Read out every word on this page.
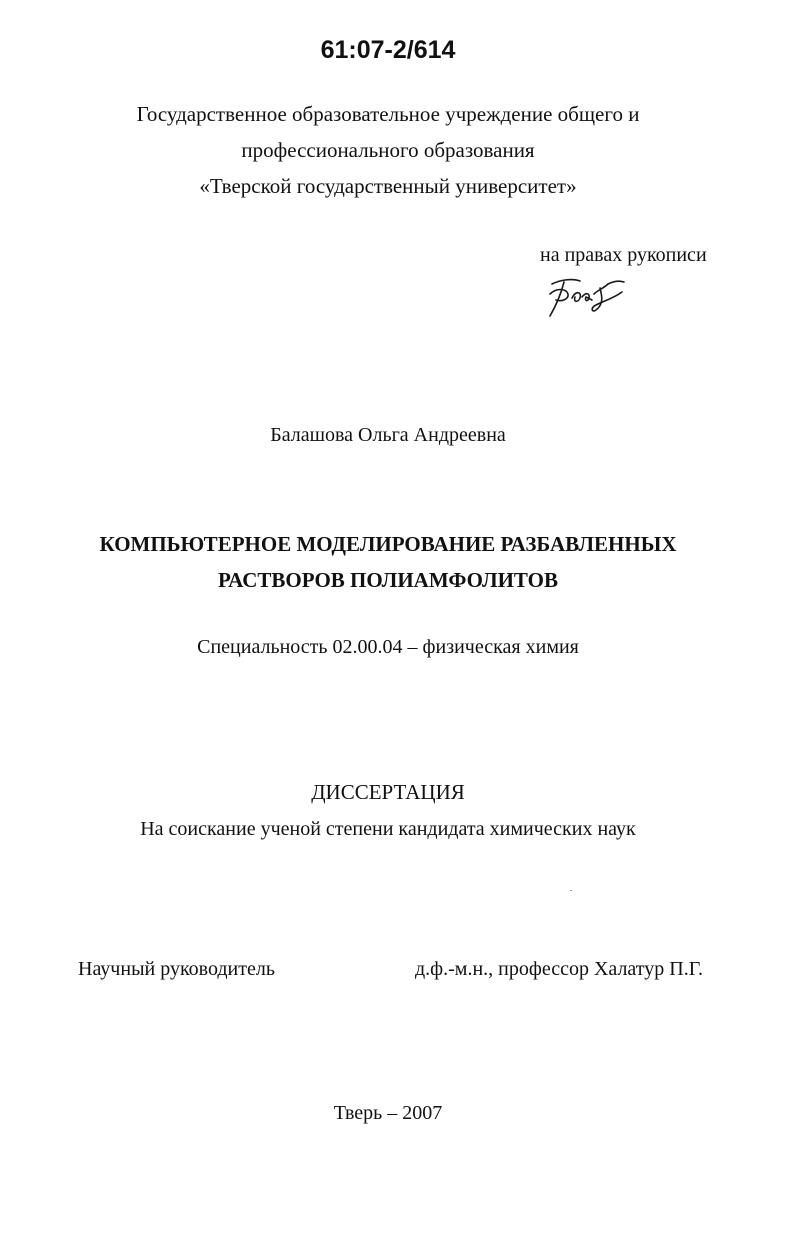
61:07-2/614
Государственное образовательное учреждение общего и
профессионального образования
«Тверской государственный университет»
на правах рукописи
Балашова Ольга Андреевна
КОМПЬЮТЕРНОЕ МОДЕЛИРОВАНИЕ РАЗБАВЛЕННЫХ
РАСТВОРОВ ПОЛИАМФОЛИТОВ
Специальность 02.00.04 – физическая химия
ДИССЕРТАЦИЯ
На соискание ученой степени кандидата химических наук
Научный руководитель	д.ф.-м.н., профессор Халатур П.Г.
Тверь – 2007
